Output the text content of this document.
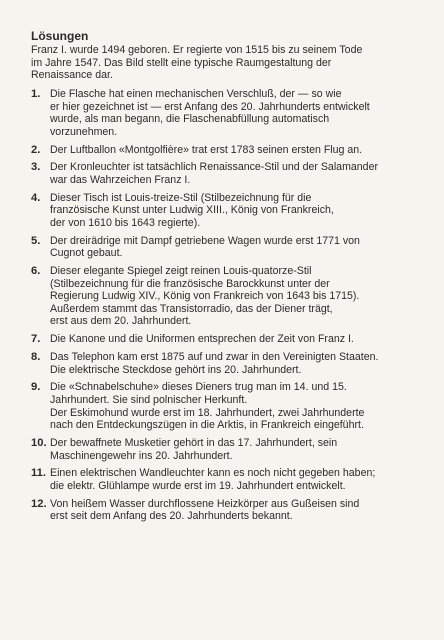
Lösungen
Franz I. wurde 1494 geboren. Er regierte von 1515 bis zu seinem Tode
im Jahre 1547. Das Bild stellt eine typische Raumgestaltung der
Renaissance dar.
1. Die Flasche hat einen mechanischen Verschluß, der — so wie
er hier gezeichnet ist — erst Anfang des 20. Jahrhunderts entwickelt
wurde, als man begann, die Flaschenabfüllung automatisch
vorzunehmen.
2. Der Luftballon «Montgolfière» trat erst 1783 seinen ersten Flug an.
3. Der Kronleuchter ist tatsächlich Renaissance-Stil und der Salamander
war das Wahrzeichen Franz I.
4. Dieser Tisch ist Louis-treize-Stil (Stilbezeichnung für die
französische Kunst unter Ludwig XIII., König von Frankreich,
der von 1610 bis 1643 regierte).
5. Der dreirädrige mit Dampf getriebene Wagen wurde erst 1771 von
Cugnot gebaut.
6. Dieser elegante Spiegel zeigt reinen Louis-quatorze-Stil
(Stilbezeichnung für die französische Barockkunst unter der
Regierung Ludwig XIV., König von Frankreich von 1643 bis 1715).
Außerdem stammt das Transistorradio, das der Diener trägt,
erst aus dem 20. Jahrhundert.
7. Die Kanone und die Uniformen entsprechen der Zeit von Franz I.
8. Das Telephon kam erst 1875 auf und zwar in den Vereinigten Staaten.
Die elektrische Steckdose gehört ins 20. Jahrhundert.
9. Die «Schnabelschuhe» dieses Dieners trug man im 14. und 15.
Jahrhundert. Sie sind polnischer Herkunft.
Der Eskimohund wurde erst im 18. Jahrhundert, zwei Jahrhunderte
nach den Entdeckungszügen in die Arktis, in Frankreich eingeführt.
10. Der bewaffnete Musketier gehört in das 17. Jahrhundert, sein
Maschinengewehr ins 20. Jahrhundert.
11. Einen elektrischen Wandleuchter kann es noch nicht gegeben haben;
die elektr. Glühlampe wurde erst im 19. Jahrhundert entwickelt.
12. Von heißem Wasser durchflossene Heizkörper aus Gußeisen sind
erst seit dem Anfang des 20. Jahrhunderts bekannt.
